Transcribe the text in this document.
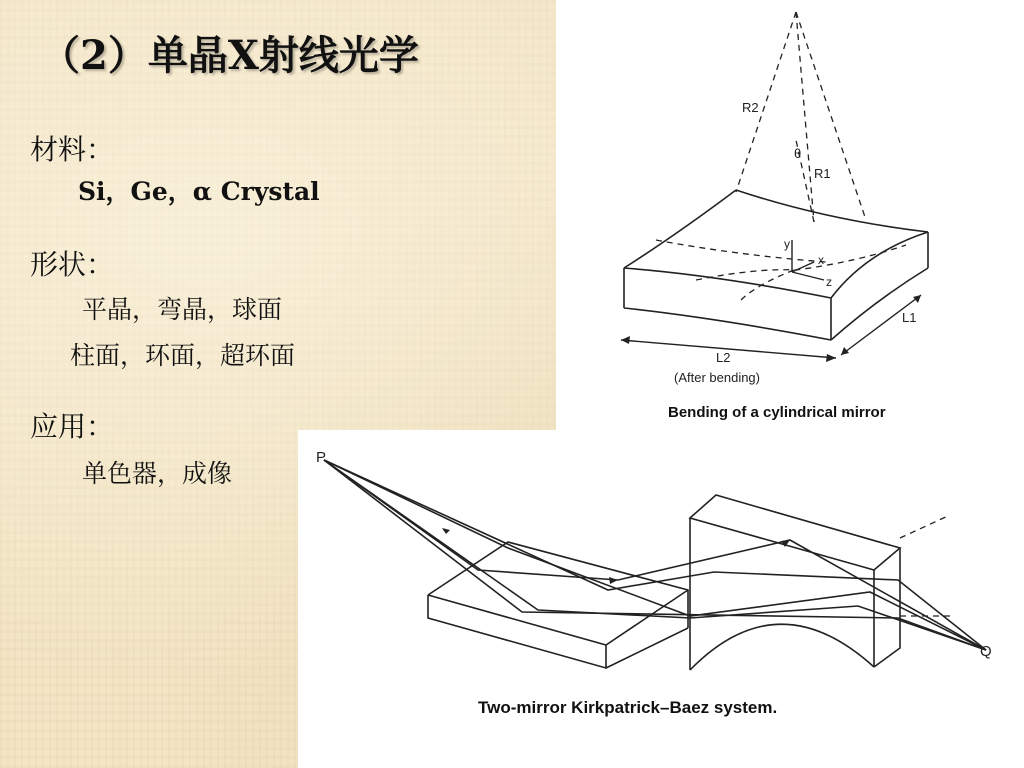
（2）单晶X射线光学
材料：
Si，Ge，α Crystal
形状：
平晶，弯晶，球面
柱面，环面，超环面
应用：
单色器，成像
R2
R1
θ
y
x
z
L1
L2
(After bending)
Bending of a cylindrical mirror
P
Q
Two-mirror Kirkpatrick–Baez system.
